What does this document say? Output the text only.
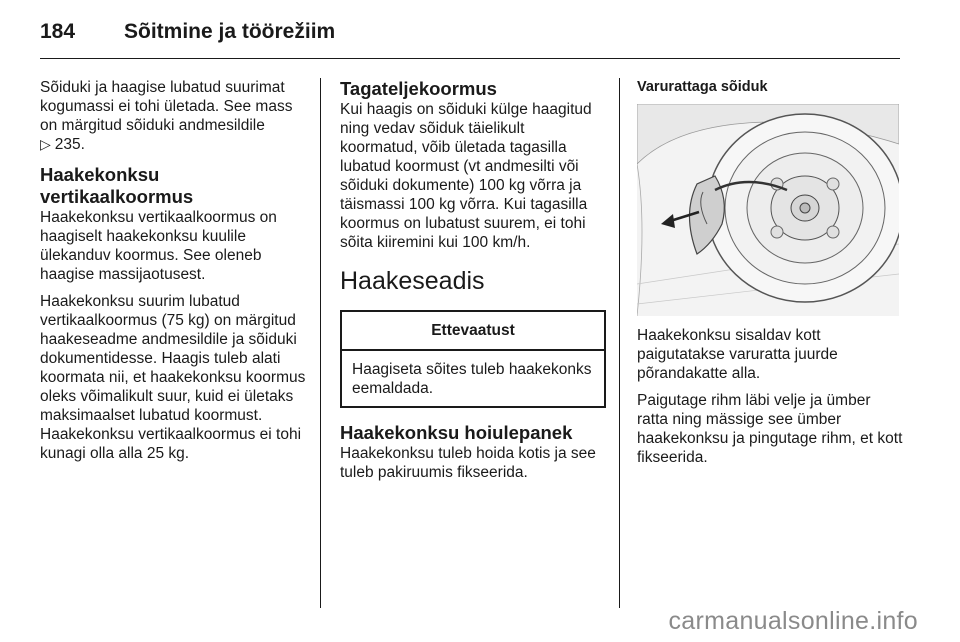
184 Sõitmine ja töörežiim

Sõiduki ja haagise lubatud suurimat kogumassi ei tohi ületada. See mass on märgitud sõiduki andmesildile
▷ 235.

Haakekonksu vertikaalkoormus

Haakekonksu vertikaalkoormus on haagiselt haakekonksu kuulile ülekanduv koormus. See oleneb haagise massijaotusest.

Haakekonksu suurim lubatud vertikaalkoormus (75 kg) on märgitud haakeseadme andmesildile ja sõiduki dokumentidesse. Haagis tuleb alati koormata nii, et haakekonksu koormus oleks võimalikult suur, kuid ei ületaks maksimaalset lubatud koormust. Haakekonksu vertikaalkoormus ei tohi kunagi olla alla 25 kg.

Tagateljekoormus

Kui haagis on sõiduki külge haagitud ning vedav sõiduk täielikult koormatud, võib ületada tagasilla lubatud koormust (vt andmesilti või sõiduki dokumente) 100 kg võrra ja täismassi 100 kg võrra. Kui tagasilla koormus on lubatust suurem, ei tohi sõita kiiremini kui 100 km/h.

Haakeseadis
Ettevaatust
Haagiseta sõites tuleb haakekonks eemaldada.
Haakekonksu hoiulepanek

Haakekonksu tuleb hoida kotis ja see tuleb pakiruumis fikseerida.

Varurattaga sõiduk

Haakekonksu sisaldav kott paigutatakse varuratta juurde põrandakatte alla.

Paigutage rihm läbi velje ja ümber ratta ning mässige see ümber haakekonksu ja pingutage rihm, et kott fikseerida.

carmanualsonline.info
